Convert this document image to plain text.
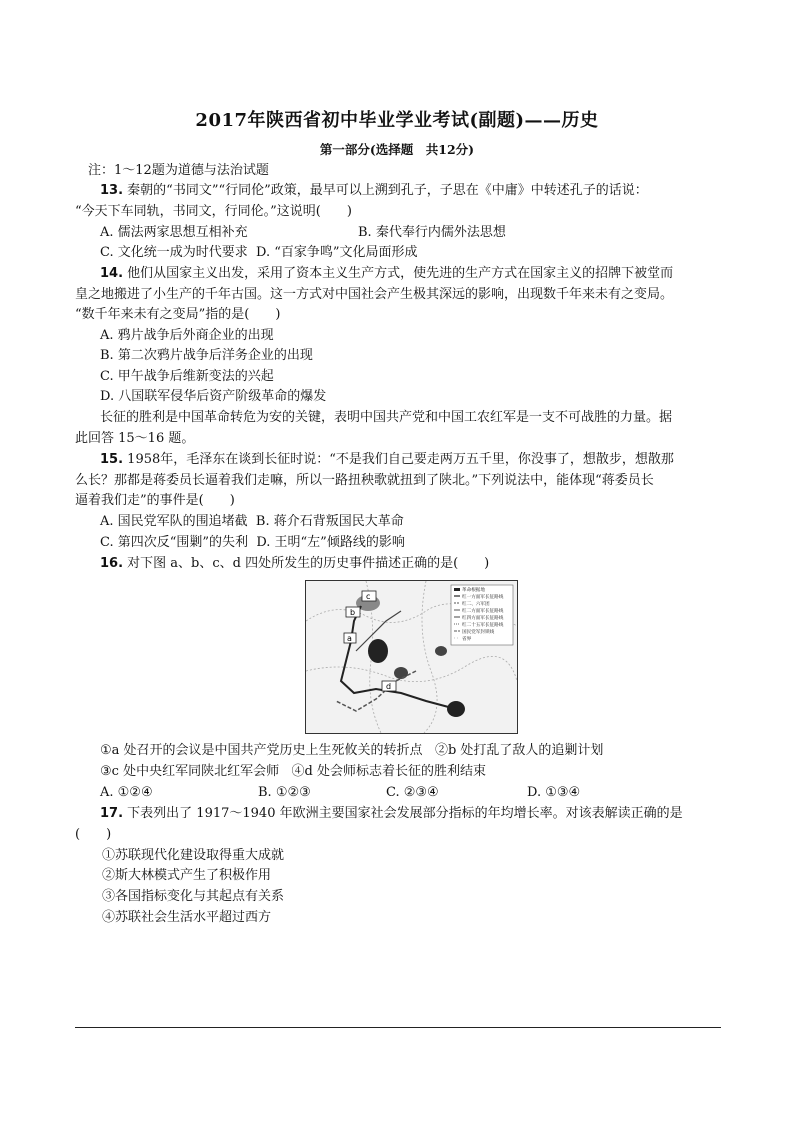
2017年陕西省初中毕业学业考试(副题)——历史
第一部分(选择题　共12分)
注：1～12题为道德与法治试题
13. 秦朝的“书同文”“行同伦”政策，最早可以上溯到孔子，子思在《中庸》中转述孔子的话说：
“今天下车同轨，书同文，行同伦。”这说明(　　)
A. 儒法两家思想互相补充	B. 秦代奉行内儒外法思想
C. 文化统一成为时代要求 D. “百家争鸣”文化局面形成
14. 他们从国家主义出发，采用了资本主义生产方式，使先进的生产方式在国家主义的招牌下被堂而
皇之地搬进了小生产的千年古国。这一方式对中国社会产生极其深远的影响，出现数千年来未有之变局。
“数千年来未有之变局”指的是(　　)
A. 鸦片战争后外商企业的出现
B. 第二次鸦片战争后洋务企业的出现
C. 甲午战争后维新变法的兴起
D. 八国联军侵华后资产阶级革命的爆发
长征的胜利是中国革命转危为安的关键，表明中国共产党和中国工农红军是一支不可战胜的力量。据
此回答 15～16 题。
15. 1958年，毛泽东在谈到长征时说：“不是我们自己要走两万五千里，你没事了，想散步，想散那
么长？那都是蒋委员长逼着我们走嘛，所以一路扭秧歌就扭到了陕北。”下列说法中，能体现“蒋委员长
逼着我们走”的事件是(　　)
A. 国民党军队的围追堵截 B. 蒋介石背叛国民大革命
C. 第四次反“围剿”的失利 D. 王明“左”倾路线的影响
16. 对下图 a、b、c、d 四处所发生的历史事件描述正确的是(　　)
b
c
a
d
革命根据地
红一方面军长征路线
红二、六军团
红二方面军长征路线
红四方面军长征路线
红二十五军长征路线
国民党军封锁线
省界
①a 处召开的会议是中国共产党历史上生死攸关的转折点 ②b 处打乱了敌人的追剿计划
③c 处中央红军同陕北红军会师 ④d 处会师标志着长征的胜利结束
A. ①②④	B. ①②③	C. ②③④	D. ①③④
17. 下表列出了 1917～1940 年欧洲主要国家社会发展部分指标的年均增长率。对该表解读正确的是
(　　)
①苏联现代化建设取得重大成就
②斯大林模式产生了积极作用
③各国指标变化与其起点有关系
④苏联社会生活水平超过西方
